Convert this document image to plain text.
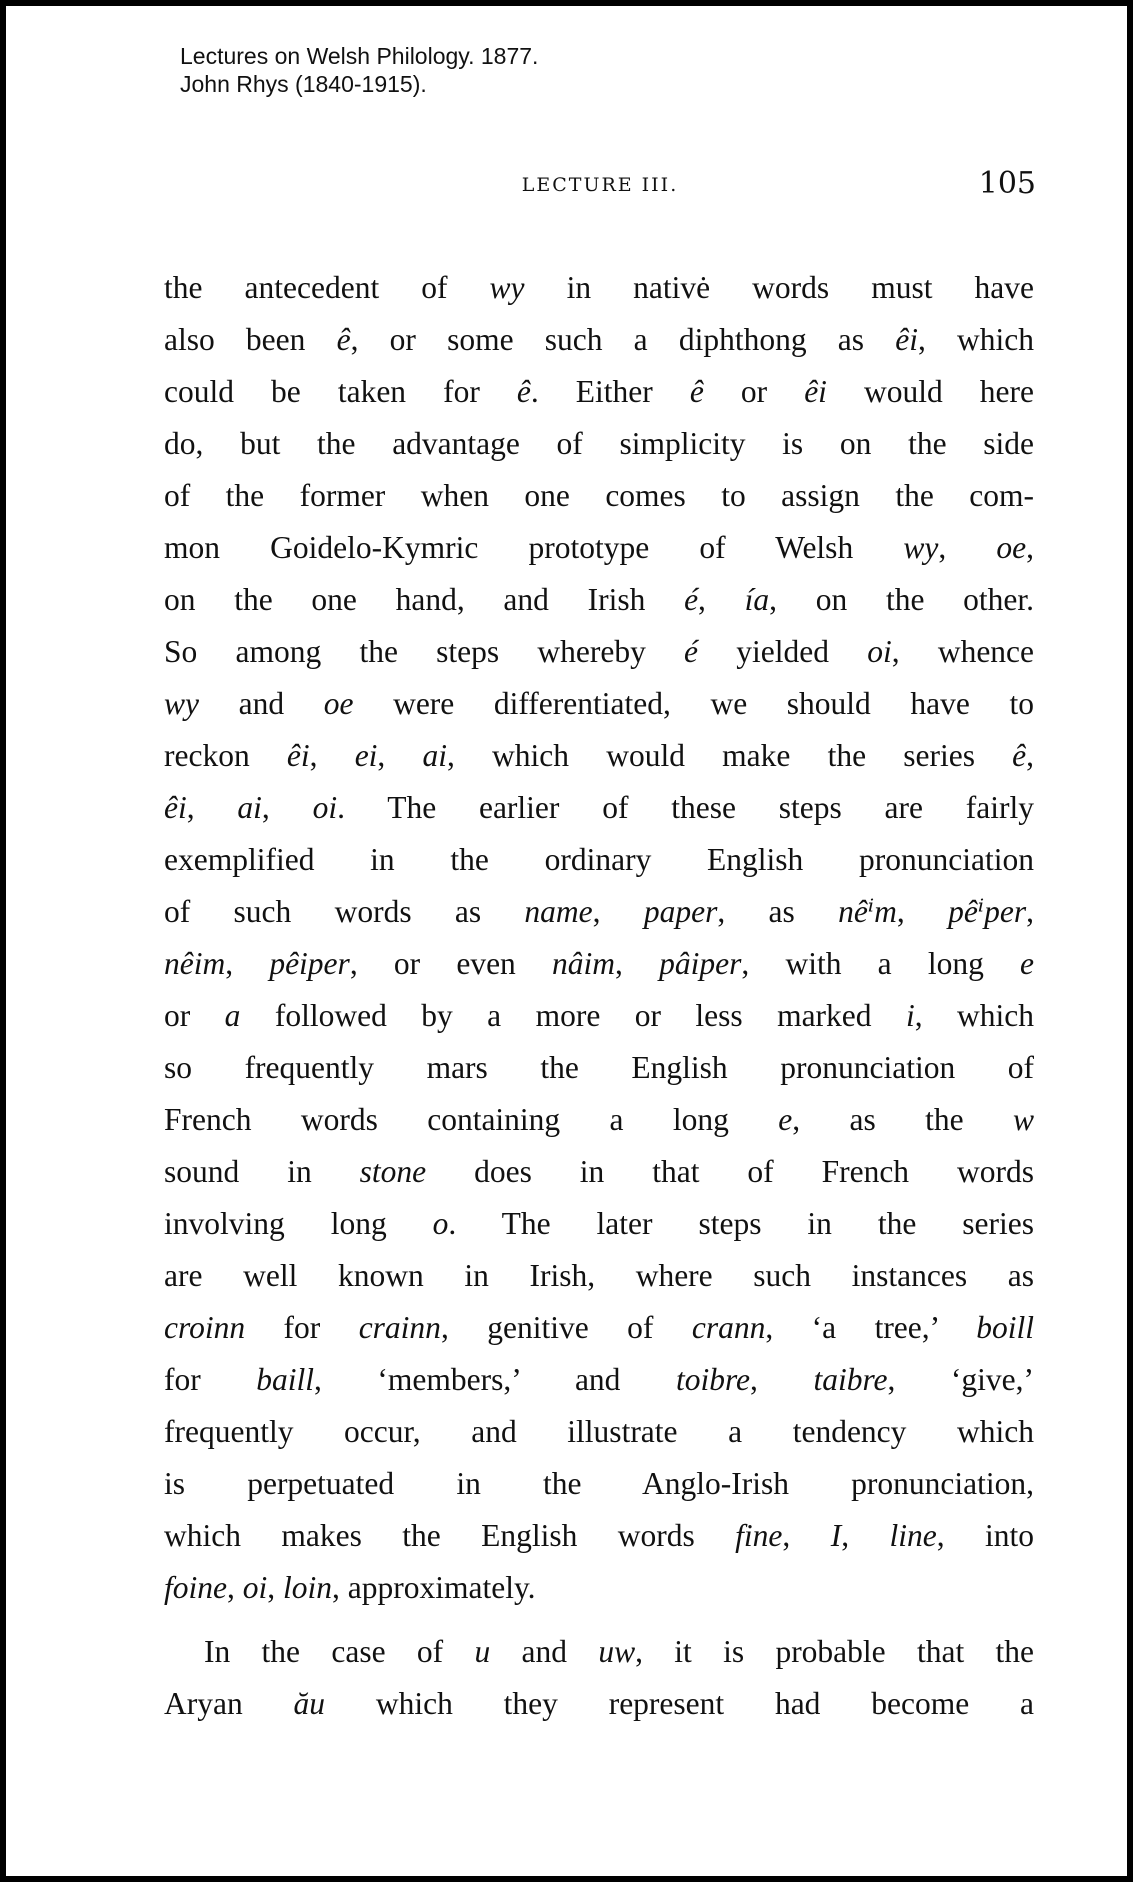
Lectures on Welsh Philology. 1877.
John Rhys (1840-1915).
LECTURE III.	105
the antecedent of wy in nativė words must have
also been ê, or some such a diphthong as êi, which
could be taken for ê. Either ê or êi would here
do, but the advantage of simplicity is on the side
of the former when one comes to assign the com-
mon Goidelo-Kymric prototype of Welsh wy, oe,
on the one hand, and Irish é, ía, on the other.
So among the steps whereby é yielded oi, whence
wy and oe were differentiated, we should have to
reckon êi, ei, ai, which would make the series ê,
êi, ai, oi. The earlier of these steps are fairly
exemplified in the ordinary English pronunciation
of such words as name, paper, as nêⁱm, pêⁱper,
nêim, pêiper, or even nâim, pâiper, with a long e
or a followed by a more or less marked i, which
so frequently mars the English pronunciation of
French words containing a long e, as the w
sound in stone does in that of French words
involving long o. The later steps in the series
are well known in Irish, where such instances as
croinn for crainn, genitive of crann, ‘a tree,’ boill
for baill, ‘members,’ and toibre, taibre, ‘give,’
frequently occur, and illustrate a tendency which
is perpetuated in the Anglo-Irish pronunciation,
which makes the English words fine, I, line, into
foine, oi, loin, approximately.
In the case of u and uw, it is probable that the
Aryan ău which they represent had become a
